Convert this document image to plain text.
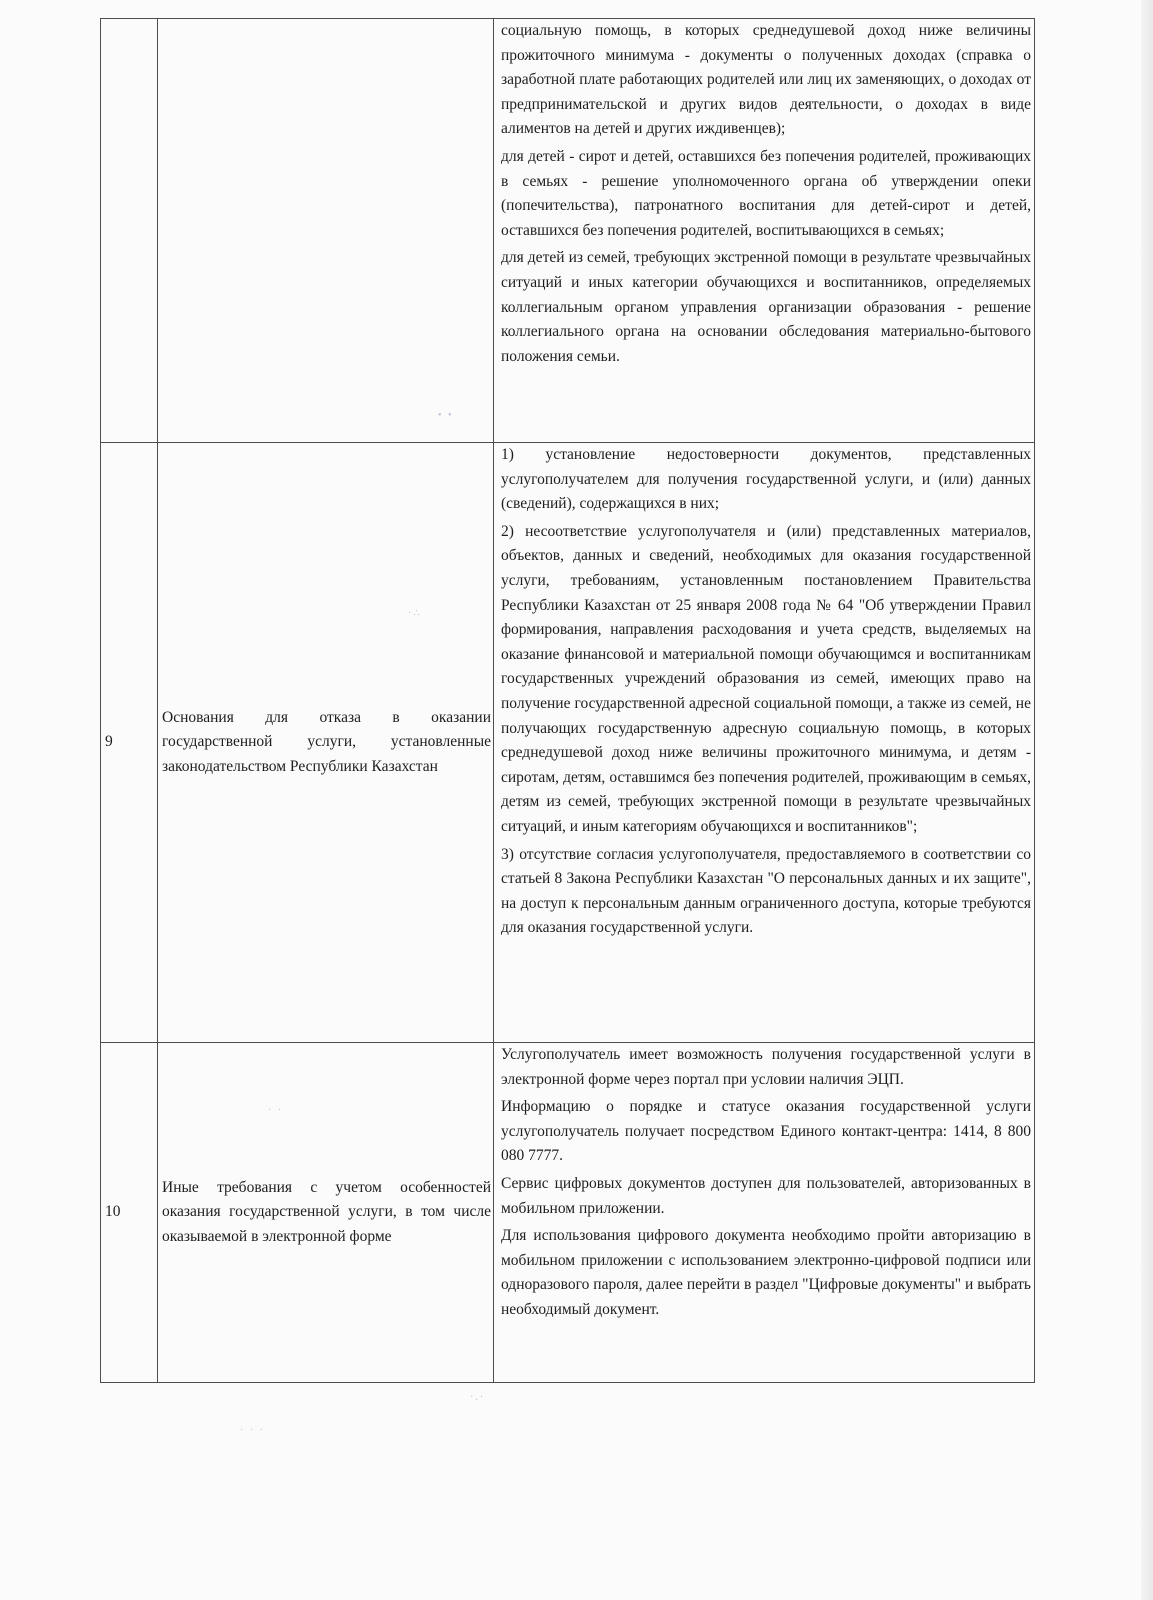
		социальную помощь, в которых среднедушевой доход ниже величины прожиточного минимума - документы о полученных доходах (справка о заработной плате работающих родителей или лиц их заменяющих, о доходах от предпринимательской и других видов деятельности, о доходах в виде алиментов на детей и других иждивенцев);

для детей - сирот и детей, оставшихся без попечения родителей, проживающих в семьях - решение уполномоченного органа об утверждении опеки (попечительства), патронатного воспитания для детей-сирот и детей, оставшихся без попечения родителей, воспитывающихся в семьях;

для детей из семей, требующих экстренной помощи в результате чрезвычайных ситуаций и иных категории обучающихся и воспитанников, определяемых коллегиальным органом управления организации образования - решение коллегиального органа на основании обследования материально-бытового положения семьи.

9	Основания для отказа в оказании государственной услуги, установленные законодательством Республики Казахстан	1) установление недостоверности документов, представленных услугополучателем для получения государственной услуги, и (или) данных (сведений), содержащихся в них;

2) несоответствие услугополучателя и (или) представленных материалов, объектов, данных и сведений, необходимых для оказания государственной услуги, требованиям, установленным постановлением Правительства Республики Казахстан от 25 января 2008 года № 64 "Об утверждении Правил формирования, направления расходования и учета средств, выделяемых на оказание финансовой и материальной помощи обучающимся и воспитанникам государственных учреждений образования из семей, имеющих право на получение государственной адресной социальной помощи, а также из семей, не получающих государственную адресную социальную помощь, в которых среднедушевой доход ниже величины прожиточного минимума, и детям - сиротам, детям, оставшимся без попечения родителей, проживающим в семьях, детям из семей, требующих экстренной помощи в результате чрезвычайных ситуаций, и иным категориям обучающихся и воспитанников";

3) отсутствие согласия услугополучателя, предоставляемого в соответствии со статьей 8 Закона Республики Казахстан "О персональных данных и их защите", на доступ к персональным данным ограниченного доступа, которые требуются для оказания государственной услуги.

10	Иные требования с учетом особенностей оказания государственной услуги, в том числе оказываемой в электронной форме	Услугополучатель имеет возможность получения государственной услуги в электронной форме через портал при условии наличия ЭЦП.

Информацию о порядке и статусе оказания государственной услуги услугополучатель получает посредством Единого контакт-центра: 1414, 8 800 080 7777.

Сервис цифровых документов доступен для пользователей, авторизованных в мобильном приложении.

Для использования цифрового документа необходимо пройти авторизацию в мобильном приложении с использованием электронно-цифровой подписи или одноразового пароля, далее перейти в раздел "Цифровые документы" и выбрать необходимый документ.

• •
·∴
· ·
·.·
· · ·
